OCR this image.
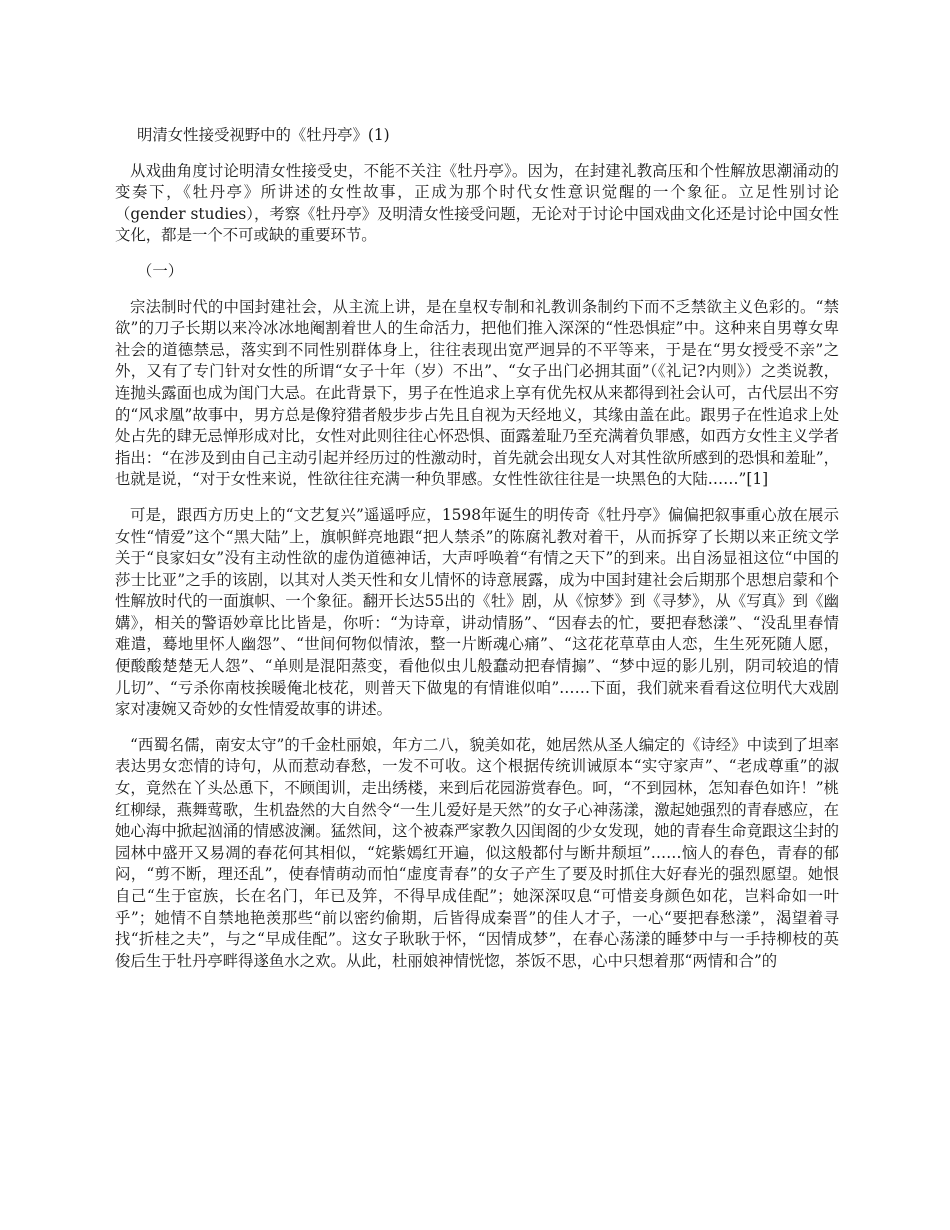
明清女性接受视野中的《牡丹亭》(1)

从戏曲角度讨论明清女性接受史，不能不关注《牡丹亭》。因为，在封建礼教高压和个性解放思潮涌动的变奏下，《牡丹亭》所讲述的女性故事，正成为那个时代女性意识觉醒的一个象征。立足性别讨论（gender studies），考察《牡丹亭》及明清女性接受问题，无论对于讨论中国戏曲文化还是讨论中国女性文化，都是一个不可或缺的重要环节。

（一）

宗法制时代的中国封建社会，从主流上讲，是在皇权专制和礼教训条制约下而不乏禁欲主义色彩的。“禁欲”的刀子长期以来冷冰冰地阉割着世人的生命活力，把他们推入深深的“性恐惧症”中。这种来自男尊女卑社会的道德禁忌，落实到不同性别群体身上，往往表现出宽严迥异的不平等来，于是在“男女授受不亲”之外，又有了专门针对女性的所谓“女子十年（岁）不出”、“女子出门必拥其面”（《礼记?内则》）之类说教，连抛头露面也成为闺门大忌。在此背景下，男子在性追求上享有优先权从来都得到社会认可，古代层出不穷的“风求凰”故事中，男方总是像狩猎者般步步占先且自视为天经地义，其缘由盖在此。跟男子在性追求上处处占先的肆无忌惮形成对比，女性对此则往往心怀恐惧、面露羞耻乃至充满着负罪感，如西方女性主义学者指出：“在涉及到由自己主动引起并经历过的性激动时，首先就会出现女人对其性欲所感到的恐惧和羞耻”，也就是说，“对于女性来说，性欲往往充满一种负罪感。女性性欲往往是一块黑色的大陆……”[1]

可是，跟西方历史上的“文艺复兴”遥遥呼应，1598年诞生的明传奇《牡丹亭》偏偏把叙事重心放在展示女性“情爱”这个“黑大陆”上，旗帜鲜亮地跟“把人禁杀”的陈腐礼教对着干，从而拆穿了长期以来正统文学关于“良家妇女”没有主动性欲的虚伪道德神话，大声呼唤着“有情之天下”的到来。出自汤显祖这位“中国的莎士比亚”之手的该剧，以其对人类天性和女儿情怀的诗意展露，成为中国封建社会后期那个思想启蒙和个性解放时代的一面旗帜、一个象征。翻开长达55出的《牡》剧，从《惊梦》到《寻梦》，从《写真》到《幽媾》，相关的警语妙章比比皆是，你听：“为诗章，讲动情肠”、“因春去的忙，要把春愁漾”、“没乱里春情难遣，蓦地里怀人幽怨”、“世间何物似情浓，整一片断魂心痛”、“这花花草草由人恋，生生死死随人愿，便酸酸楚楚无人怨”、“单则是混阳蒸变，看他似虫儿般蠢动把春情搧”、“梦中逗的影儿别，阴司较追的情儿切”、“亏杀你南枝挨暖俺北枝花，则普天下做鬼的有情谁似咱”……下面，我们就来看看这位明代大戏剧家对凄婉又奇妙的女性情爱故事的讲述。

“西蜀名儒，南安太守”的千金杜丽娘，年方二八，貌美如花，她居然从圣人编定的《诗经》中读到了坦率表达男女恋情的诗句，从而惹动春愁，一发不可收。这个根据传统训诫原本“实守家声”、“老成尊重”的淑女，竟然在丫头怂恿下，不顾闺训，走出绣楼，来到后花园游赏春色。呵，“不到园林，怎知春色如许！”桃红柳绿，燕舞莺歌，生机盎然的大自然令“一生儿爱好是天然”的女子心神荡漾，激起她强烈的青春感应，在她心海中掀起汹涌的情感波澜。猛然间，这个被森严家教久囚闺阁的少女发现，她的青春生命竟跟这尘封的园林中盛开又易凋的春花何其相似，“姹紫嫣红开遍，似这般都付与断井颓垣”……恼人的春色，青春的郁闷，“剪不断，理还乱”，使春情萌动而怕“虚度青春”的女子产生了要及时抓住大好春光的强烈愿望。她恨自己“生于宦族，长在名门，年已及笄，不得早成佳配”；她深深叹息“可惜妾身颜色如花，岂料命如一叶乎”；她情不自禁地艳羡那些“前以密约偷期，后皆得成秦晋”的佳人才子，一心“要把春愁漾”，渴望着寻找“折桂之夫”，与之“早成佳配”。这女子耿耿于怀，“因情成梦”，在春心荡漾的睡梦中与一手持柳枝的英俊后生于牡丹亭畔得遂鱼水之欢。从此，杜丽娘神情恍惚，茶饭不思，心中只想着那“两情和合”的
